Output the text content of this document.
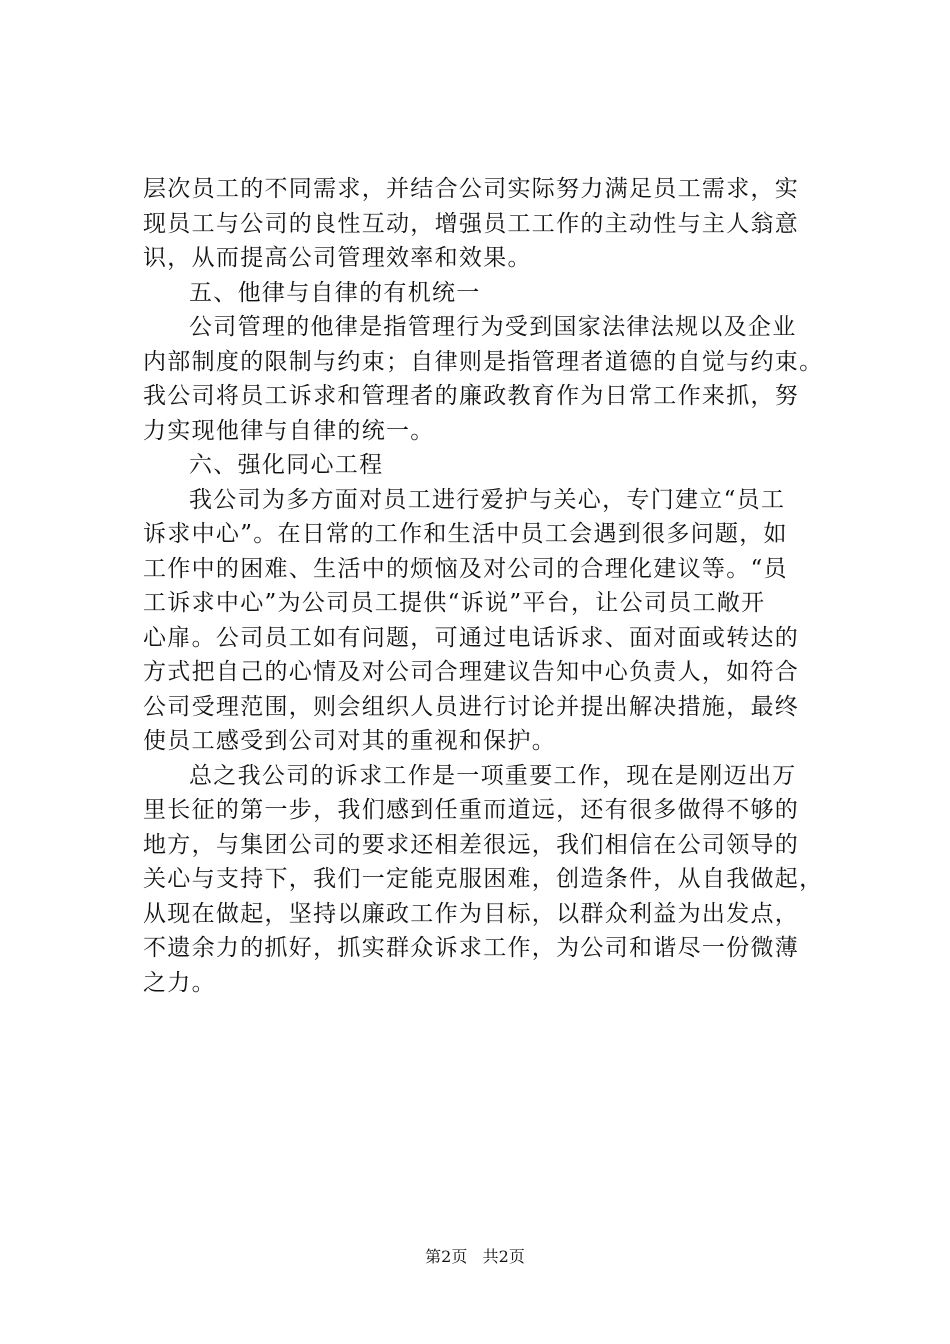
层次员工的不同需求，并结合公司实际努力满足员工需求，实
现员工与公司的良性互动，增强员工工作的主动性与主人翁意
识，从而提高公司管理效率和效果。
五、他律与自律的有机统一
公司管理的他律是指管理行为受到国家法律法规以及企业
内部制度的限制与约束；自律则是指管理者道德的自觉与约束。
我公司将员工诉求和管理者的廉政教育作为日常工作来抓，努
力实现他律与自律的统一。
六、强化同心工程
我公司为多方面对员工进行爱护与关心，专门建立“员工
诉求中心”。在日常的工作和生活中员工会遇到很多问题，如
工作中的困难、生活中的烦恼及对公司的合理化建议等。“员
工诉求中心”为公司员工提供“诉说”平台，让公司员工敞开
心扉。公司员工如有问题，可通过电话诉求、面对面或转达的
方式把自己的心情及对公司合理建议告知中心负责人，如符合
公司受理范围，则会组织人员进行讨论并提出解决措施，最终
使员工感受到公司对其的重视和保护。
总之我公司的诉求工作是一项重要工作，现在是刚迈出万
里长征的第一步，我们感到任重而道远，还有很多做得不够的
地方，与集团公司的要求还相差很远，我们相信在公司领导的
关心与支持下，我们一定能克服困难，创造条件，从自我做起，
从现在做起，坚持以廉政工作为目标，以群众利益为出发点，
不遗余力的抓好，抓实群众诉求工作，为公司和谐尽一份微薄
之力。
第2页 共2页
